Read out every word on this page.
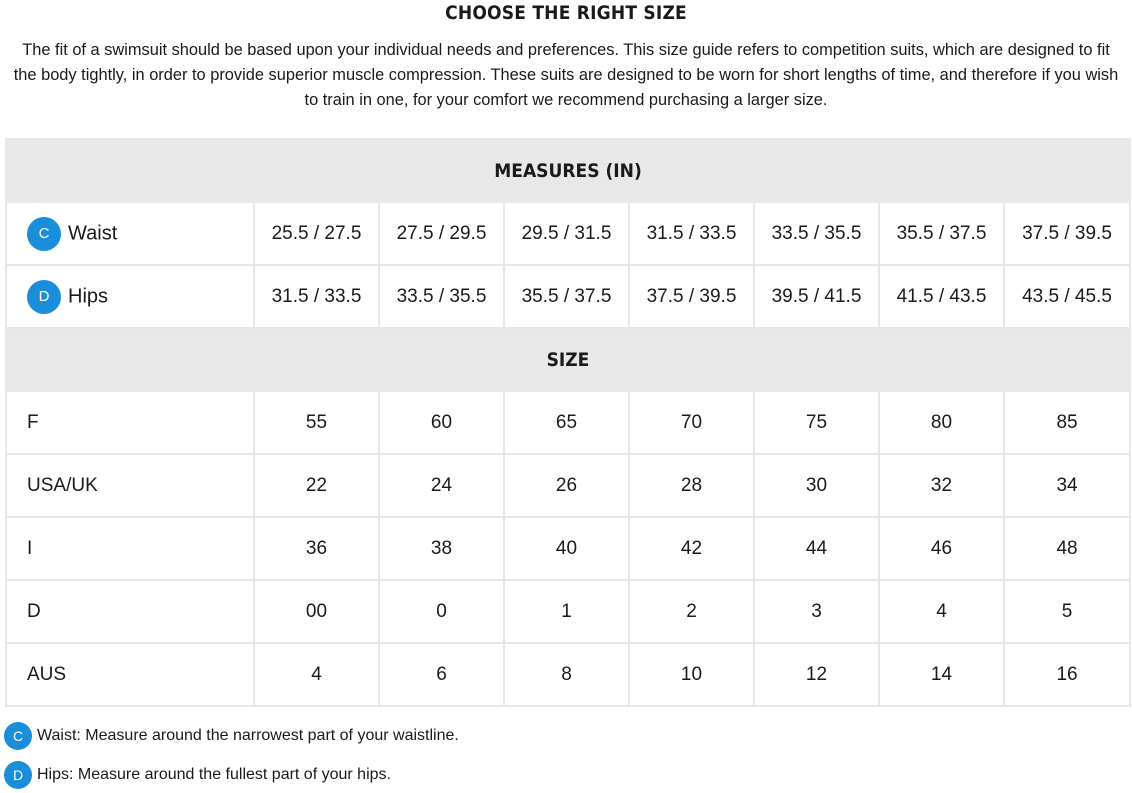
CHOOSE THE RIGHT SIZE
The fit of a swimsuit should be based upon your individual needs and preferences. This size guide refers to competition suits, which are designed to fit the body tightly, in order to provide superior muscle compression. These suits are designed to be worn for short lengths of time, and therefore if you wish to train in one, for your comfort we recommend purchasing a larger size.
MEASURES (IN)							
C Waist	25.5 / 27.5	27.5 / 29.5	29.5 / 31.5	31.5 / 33.5	33.5 / 35.5	35.5 / 37.5	37.5 / 39.5
D Hips	31.5 / 33.5	33.5 / 35.5	35.5 / 37.5	37.5 / 39.5	39.5 / 41.5	41.5 / 43.5	43.5 / 45.5
SIZE							
F	55	60	65	70	75	80	85
USA/UK	22	24	26	28	30	32	34
I	36	38	40	42	44	46	48
D	00	0	1	2	3	4	5
AUS	4	6	8	10	12	14	16
C Waist: Measure around the narrowest part of your waistline.
D Hips: Measure around the fullest part of your hips.
